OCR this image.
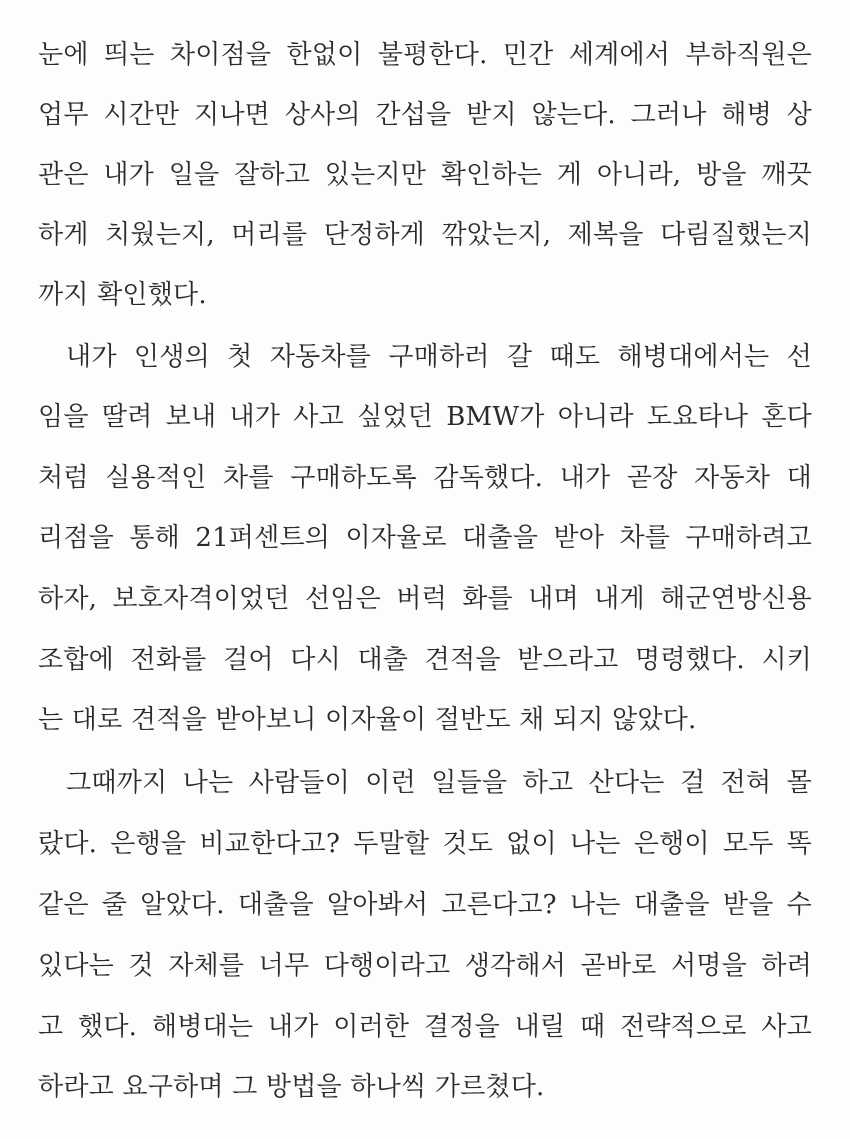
눈에 띄는 차이점을 한없이 불평한다. 민간 세계에서 부하직원은
업무 시간만 지나면 상사의 간섭을 받지 않는다. 그러나 해병 상
관은 내가 일을 잘하고 있는지만 확인하는 게 아니라, 방을 깨끗
하게 치웠는지, 머리를 단정하게 깎았는지, 제복을 다림질했는지
까지 확인했다.
내가 인생의 첫 자동차를 구매하러 갈 때도 해병대에서는 선
임을 딸려 보내 내가 사고 싶었던 BMW가 아니라 도요타나 혼다
처럼 실용적인 차를 구매하도록 감독했다. 내가 곧장 자동차 대
리점을 통해 21퍼센트의 이자율로 대출을 받아 차를 구매하려고
하자, 보호자격이었던 선임은 버럭 화를 내며 내게 해군연방신용
조합에 전화를 걸어 다시 대출 견적을 받으라고 명령했다. 시키
는 대로 견적을 받아보니 이자율이 절반도 채 되지 않았다.
그때까지 나는 사람들이 이런 일들을 하고 산다는 걸 전혀 몰
랐다. 은행을 비교한다고? 두말할 것도 없이 나는 은행이 모두 똑
같은 줄 알았다. 대출을 알아봐서 고른다고? 나는 대출을 받을 수
있다는 것 자체를 너무 다행이라고 생각해서 곧바로 서명을 하려
고 했다. 해병대는 내가 이러한 결정을 내릴 때 전략적으로 사고
하라고 요구하며 그 방법을 하나씩 가르쳤다.
